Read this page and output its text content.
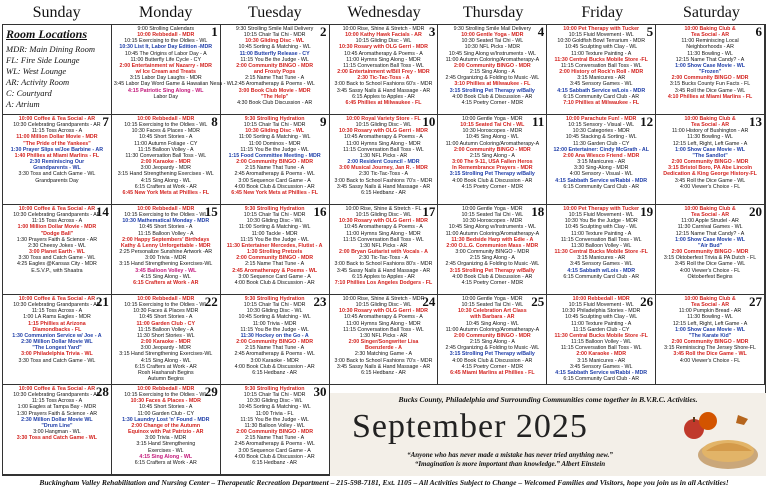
Sunday	Monday	Tuesday	Wednesday	Thursday	Friday	Saturday
Room Locations

MDR: Main Dining Room

FL: Fire Side Lounge

WL: West Lounge

AR: Activity Room

C: Courtyard

A: Atrium

Bucks County, Philadelphia and Surrounding Communities come together in B.V.R.C. Activities.
September 2025
“Anyone who has never made a mistake has never tried anything new.”
“Imagination is more important than knowledge.” Albert Einstein
1
9:00 Strolling Calendars
10:00 Rebbedall - MDR
10:15 Exercising to the Oldies - WL
10:30 List It, Labor Day Edition -MDR
10:45 The Origins of Labor Day - A
11:00 Butterfly Life Cycle - CY
2:00 Entertainment w/ Nazarry - MDR
w/ Ice Cream and Treats
3:15 Labor Day Laughs - MDR
3:45 Labor Day Word Game & Hawaiian Nesa - WL
4:15 Patriotic Sing Along - WL
Labor Day
2
9:30 Strolling Smile Mail Delivery
10:15 Chair Tai Chi - MDR
10:30 Gliding Disc - WL
10:45 Sorting & Matching - WL
11:00 Butterfly Release - CY
11:15 You Be the Judge - WL
2:00 Community BINGO - MDR
and Frosty Pops
2:15 Name That Tune - A
2:45 Aromatherapy & Poems - WL
3:00 Book Club Movie - MDR
"The Help"
4:30 Book Club Discussion - AR
3
10:00 Rise, Shine & Stretch - MDR
10:00 Kathy Hawk Facials - AR
10:15 Gliding Disc - WL
10:30 Rosary with OLG Gerri - MDR
10:45 Aromatherapy & Poems - A
11:00 Hymns Sing Along - MDR
11:15 Conversation Ball Toss - WL
2:00 Entertainment w/Bill Frey - MDR
2:30 Tic-Tac-Toss - A
3:00 Back to School Fashions 60's - MDR
3:45 Sassy Nails & Hand Massage - AR
6:15 Apples to Apples - AR
6:45 Phillies at Milwaukee - FL
4
9:30 Strolling Smile Mail Delivery
10:00 Gentle Yoga - MDR
10:30 Seated Tai Chi - WL
10:30 NFL Picks - MDR
10:45 Sing Along w/Instruments - WL
11:00 Autumn Coloring/Aromatherapy-A
2:00 Community BINGO - MDR
2:15 Sing Along - A
2:45 Organizing & Folding to Music -WL
3:10 Phillies at Milwaukee - FL
3:15 Strolling Pet Therapy w/Bally
4:00 Book Club & Discussion - AR
4:15 Poetry Corner - MDR
5
10:00 Pet Therapy with Tucker
10:15 Fluid Movement - WL
10:30 Goldfish Bowl Terrarium - MDR
10:45 Sculpting with Clay - WL
11:00 Texture Painting - A
11:30 Central Bucks Mobile Store -FL
11:15 Conversation Ball Toss - WL
2:00 History of Rock'n Roll - MDR
3:15 Manicures - AR
3:45 Sensory Games - WL
4:15 Sabbath Service w/Lois - MDR
6:15 Community Card Club - AR
7:10 Phillies at Milwaukee - FL
6
10:00 Baking Club &
Tea Social - AR
11:00 Reminiscing Local
Neighborhoods - AR
11:30 Bowling - WL
12:15 Name That Candy? - A
1:00 Show Case Movie - WL
"Frozen"
2:00 Community BINGO - MDR
3:15 Bucks County Fun Facts - FL
3:45 Roll the Dice Game - WL
4:10 Phillies at Miami Marlins - FL
7
10:00 Coffee & Tea Social - AR
10:30 Celebrating Grandparents - AR
11:15 Toss Across - A
11:00 Million Dollar Movie - MDR
"The Pride of the Yankees"
1:30 Prayer Slips w/Joe Barbine - AR
1:40 Phillies at Miami Marlins - FL
2:30 Reminiscing Our
Grandparents - WL
3:30 Toss and Catch Game - WL
Grandparents Day
8
10:00 Rebbedall - MDR
10:15 Exercising to the Oldies - WL
10:30 Faces & Places - MDR
10:45 Short Stories - A
11:00 Autumn Foliage - CY
11:15 Balloon Volley - A
11:30 Conversation Ball Toss - WL
2:00 Karaoke - MDR
3:00 Jeopardy - MDR
3:15 Hand Strengthening Exercises - WL
4:15 Sing Along - WL
6:15 Crafters at Work - AR
6:45 New York Mets at Phillies - FL
9
9:30 Strolling Hydration
10:15 Chair Tai Chi - MDR
10:30 Gliding Disc - WL
11:00 Sorting & Matching - WL
11:00 Dominos - MDR
11:15 You Be the Judge - WL
1:15 Food Committee Meeting - MDR
2:00 Community BINGO - MDR
2:15 Name That Tune - A
2:45 Aromatherapy & Poems - WL
3:00 Sequence Card Game - A
4:00 Book Club & Discussion - AR
6:45 New York Mets at Phillies - FL
10
10:00 Royal Variety Store - FL
10:15 Gliding Disc - WL
10:30 Rosary with OLG Gerri - MDR
10:45 Aromatherapy & Poems - A
11:00 Hymns Sing Along - MDR
11:15 Conversation Ball Toss - WL
1:30 NFL Picks - AR
2:00 Resident Council - MDR
3:00 Musical Journey, Jan R. - MDR
2:30 Tic-Tac-Toss - A
3:00 Back to School Fashions 70's - MDR
3:45 Sassy Nails & Hand Massage - AR
6:15 Hedbanz - AR
11
10:00 Gentle Yoga - MDR
10:15 Seated Tai Chi - WL
10:30 Horoscopes - MDR
10:45 Sing Along - WL
11:00 Autumn Coloring/Aromatherapy-A
2:00 Community BINGO - MDR
2:15 Sing Along - A
3:00 The 9-11, USA Fallen Heros
In Remembrance Prayers - MDR
3:15 Strolling Pet Therapy w/Bally
4:00 Book Club & Discussion - AR
4:15 Poetry Corner - MDR
12
10:00 Parachute Fun! - MDR
10:15 Sensory - Visual - WL
10:30 Categories - MDR
10:45 Stacking & Sorting - WL
11:30 Garden Club - CY
12:00 Entertainer: Cindy McGrath - AL
2:00 Ana Wiesco Friend - MDR
3:15 Manicures - AR
3:30 Sing-Along - MDR
4:00 Sensory - Visual - WL
4:15 Sabbath Service w/Rabbi - MDR
6:15 Community Card Club - AR
13
10:00 Baking Club &
Tea Social - AR
11:00 History of Bushington - AR
11:30 Bowling - WL
12:15 Left, Right, Left Game - A
1:00 Show Case Movie - WL
"The Sandlot"
2:00 Community BINGO - MDR
3:15 Bristol Boro, PA Abe Lincoln
Dedication & King George History-FL
3:45 Roll the Dice Game - WL
4:00 Viewer's Choice - FL
14
10:00 Coffee & Tea Social - AR
10:30 Celebrating Grandparents - AR
11:15 Toss Across - A
1:00 Million Dollar Movie - MDR
"Dodge Ball"
1:30 Prayers Faith & Science - AR
2:30 Cheesy Jokes - WL
3:00 Planet Earth - WL
3:30 Toss and Catch Game - WL
4:25 Eagles @Kansas City - MDR
E.S.V.P., with Shaatra
15
10:00 Rebbedall - MDR
10:15 Exercising to the Oldies - WL
10:30 Mathematical Monday - MDR
10:45 Short Stories - A
11:15 Balloon Volley - A
2:00 Happy Septembers' Birthdays
Kathy & Lenny Unforgettable - MDR
2:25 Personalize Sunshine Artwork -AR
3:00 Trivia - MDR
3:15 Hand Strengthening Exercises-WL
3:45 Balloon Volley - WL
4:15 Sing Along - WL
6:15 Crafters at Work - AR
16
9:30 Strolling Hydration
10:15 Chair Tai Chi - MDR
10:30 Gliding Disc - WL
11:00 Sorting & Matching - WL
11:00 Tackle - MDR
11:15 You Be the Judge - WL
11:30 Entertainer Mercedes, Flutist - A
1:30 Strolling Pretzels
2:00 Community BINGO - MDR
2:15 Name That Tune - A
2:45 Aromatherapy & Poems - WL
3:00 Sequence Card Game - A
4:00 Book Club & Discussion - AR
17
10:00 Rise, Shine & Stretch - FL
10:15 Gliding Disc - WL
10:30 Rosary with OLG Gerri - MDR
10:45 Aromatherapy & Poems - A
11:00 Hymns Sing Along - MDR
11:15 Conversation Ball Toss - WL
1:30 NFL Picks - AR
2:00 Bryan Guitarist with Vocals - A
2:30 Tic-Tac-Toss - A
3:00 Back to School Fashions 80's - MDR
3:45 Sassy Nails & Hand Massage - AR
6:15 Apples to Apples - AR
7:10 Phillies Los Angeles Dodgers - FL
18
10:00 Gentle Yoga - MDR
10:15 Seated Tai Chi - WL
10:30 Horoscopes - MDR
10:45 Sing Along w/Instruments - WL
11:00 Autumn Coloring/Aromatherapy-A
11:30 Bedside Harp with Edie - A
2:00 O.L.G. Communion Mass - MDR
3:00 Community BINGO - MDR
2:15 Sing Along - A
2:45 Organizing & Folding to Music -WL
3:15 Strolling Pet Therapy w/Bally
4:00 Book Club & Discussion - AR
4:15 Poetry Corner - MDR
19
10:00 Pet Therapy with Tucker
10:15 Fluid Movement - WL
10:30 You Be the Judge - MDR
10:45 Sculpting with Clay - WL
11:00 Texture Painting - A
11:15 Conversation Ball Toss - WL
11:30 Balloon Volley - WL
11:30 Central Bucks Mobile Store -FL
3:15 Manicures - AR
3:45 Sensory Games - WL
4:15 Sabbath w/Lois - MDR
6:15 Community Card Club - AR
20
10:00 Baking Club &
Tea Social - AR
11:00 Apple Strudel - AR
11:30 Carnival Games - WL
12:15 Name That Candy? - A
1:00 Show Case Movie - WL
"Air Bud"
2:00 Community BINGO - MDR
3:15 Oktoberfest Trivia & PA Dutch - FL
3:45 Roll the Dice Game - WL
4:00 Viewer's Choice - FL
Oktoberfest Begins
21
10:00 Coffee & Tea Social - AR
10:30 Celebrating Grandparents - AR
11:15 Toss Across - A
1:00 LA Rams Eagles - MDR
1:15 Phillies at Arizona
Diamondbacks - FL
1:30 Communion Service w/ Joe - A
2:30 Million Dollar Movie WL
"The Longest Yard"
3:00 Philadelphia Trivia - WL
3:30 Toss and Catch Game - WL
22
10:00 Rebbedall - MDR
10:15 Exercising to the Oldies - WL
10:30 Faces & Places MDR
10:45 Short Stories - A
11:00 Garden Club - CY
11:15 Balloon Volley - A
11:30 Short Stories - WL
2:00 Karaoke - MDR
3:00 Jeopardy - MDR
3:15 Hand Strengthening Exercises-WL
4:15 Sing Along - WL
6:15 Crafters at Work - AR
Rosh Hashanah Begins
Autumn Begins
23
9:30 Strolling Hydration
10:15 Chair Tai Chi - MDR
10:30 Gliding Disc - WL
10:45 Sorting & Matching - WL
11:00 Trivia - MDR
11:15 You Be the Judge - WL
11:30 Hockey on the Go - A
2:00 Community BINGO - MDR
2:15 Name That Tune - A
2:45 Aromatherapy & Poems - WL
3:00 Karaoke - MDR
4:00 Book Club & Discussion - AR
6:15 Hedbanz - AR
24
10:00 Rise, Shine & Stretch - MDR
10:15 Gliding Disc - WL
10:30 Rosary with OLG Gerri - MDR
10:45 Aromatherapy & Poems - A
11:00 Hymns Sing Along - MDR
11:15 Conversation Ball Toss - WL
1:30 NFL Picks - AR
2:00 Singer/Songwriter Lisa
Boenzlerde - A
2:30 Matching Game - A
3:00 Back to School Fashions 70's - MDR
3:45 Sassy Nails & Hand Massage - AR
6:15 Hedbanz - AR
25
10:00 Gentle Yoga - MDR
10:15 Seated Tai Chi - WL
10:30 Celebration Art Class
with Barbara - AR
10:45 Sing Along - WL
11:00 Autumn Coloring/Aromatherapy-A
2:00 Community BINGO - MDR
2:15 Sing Along - A
2:45 Organizing & Folding to Music -WL
3:15 Strolling Pet Therapy w/Bally
4:00 Book Club & Discussion - AR
4:15 Poetry Corner - MDR
6:45 Miami Marlins at Phillies - FL
26
10:00 Rebbedall - MDR
10:15 Fluid Movement - WL
10:30 Philadelphia Stories - MDR
10:45 Sculpting with Clay - WL
11:00 Texture Painting - A
11:15 Garden Club - CY
11:30 Central Bucks Mobile Store -FL
11:15 Balloon Volley - WL
11:15 Conversation Ball Toss - WL
2:00 Karaoke - MDR
3:15 Manicures - AR
3:45 Sensory Games - WL
4:15 Sabbath Service w/Rabbi - MDR
6:15 Community Card Club - AR
27
10:00 Baking Club &
Tea Social - AR
11:00 Pumpkin Bread - AR
11:30 Bowling - WL
12:15 Left, Right, Left Game - A
1:00 Show Case Movie - WL
"The Karate Kid"
2:00 Community BINGO - MDR
3:15 Reminiscing The Jersey Shore-FL
3:45 Roll the Dice Game - WL
4:00 Viewer's Choice - FL
28
10:00 Coffee & Tea Social - AR
10:30 Celebrating Grandparents - AR
11:15 Toss Across - A
1:00 Eagles at Tampa Bay - MDR
1:30 Prayers Faith & Science - AR
2:30 Million Dollar Movie WL
"Drum Line"
3:00 Hangman - WL
3:30 Toss and Catch Game - WL
29
10:00 Rebbedall - MDR
10:15 Exercising to the Oldies - WL
10:30 Faces & Places - MDR
10:45 Short Stories - A
11:00 Garden Club - CY
1:30 Laundry Lost 'n' Found - MDR
2:00 Change of the Autumn
Equinox with Pat Patrizio - AR
3:00 Trivia - MDR
3:15 Hand Strengthening
Exercises - WL
4:15 Sing Along - WL
6:15 Crafters at Work - AR
30
9:30 Strolling Hydration
10:15 Chair Tai Chi - MDR
10:30 Gliding Disc - WL
10:45 Sorting & Matching - WL
11:00 Trivia - FL
11:15 You Be the Judge - WL
11:30 Balloon Volley - WL
2:00 Community BINGO - MDR
2:15 Name That Tune - A
2:45 Aromatherapy & Poems - WL
3:00 Sequence Card Game - A
4:00 Book Club & Discussion - AR
6:15 Hedbanz - AR
Buckingham Valley Rehabilitation and Nursing Center – Therapeutic Recreation Department – 215-598-7181, Ext. 1105 – All Activities Subject to Change – Welcomed Families and Visitors, hope you join us in all Activities!
